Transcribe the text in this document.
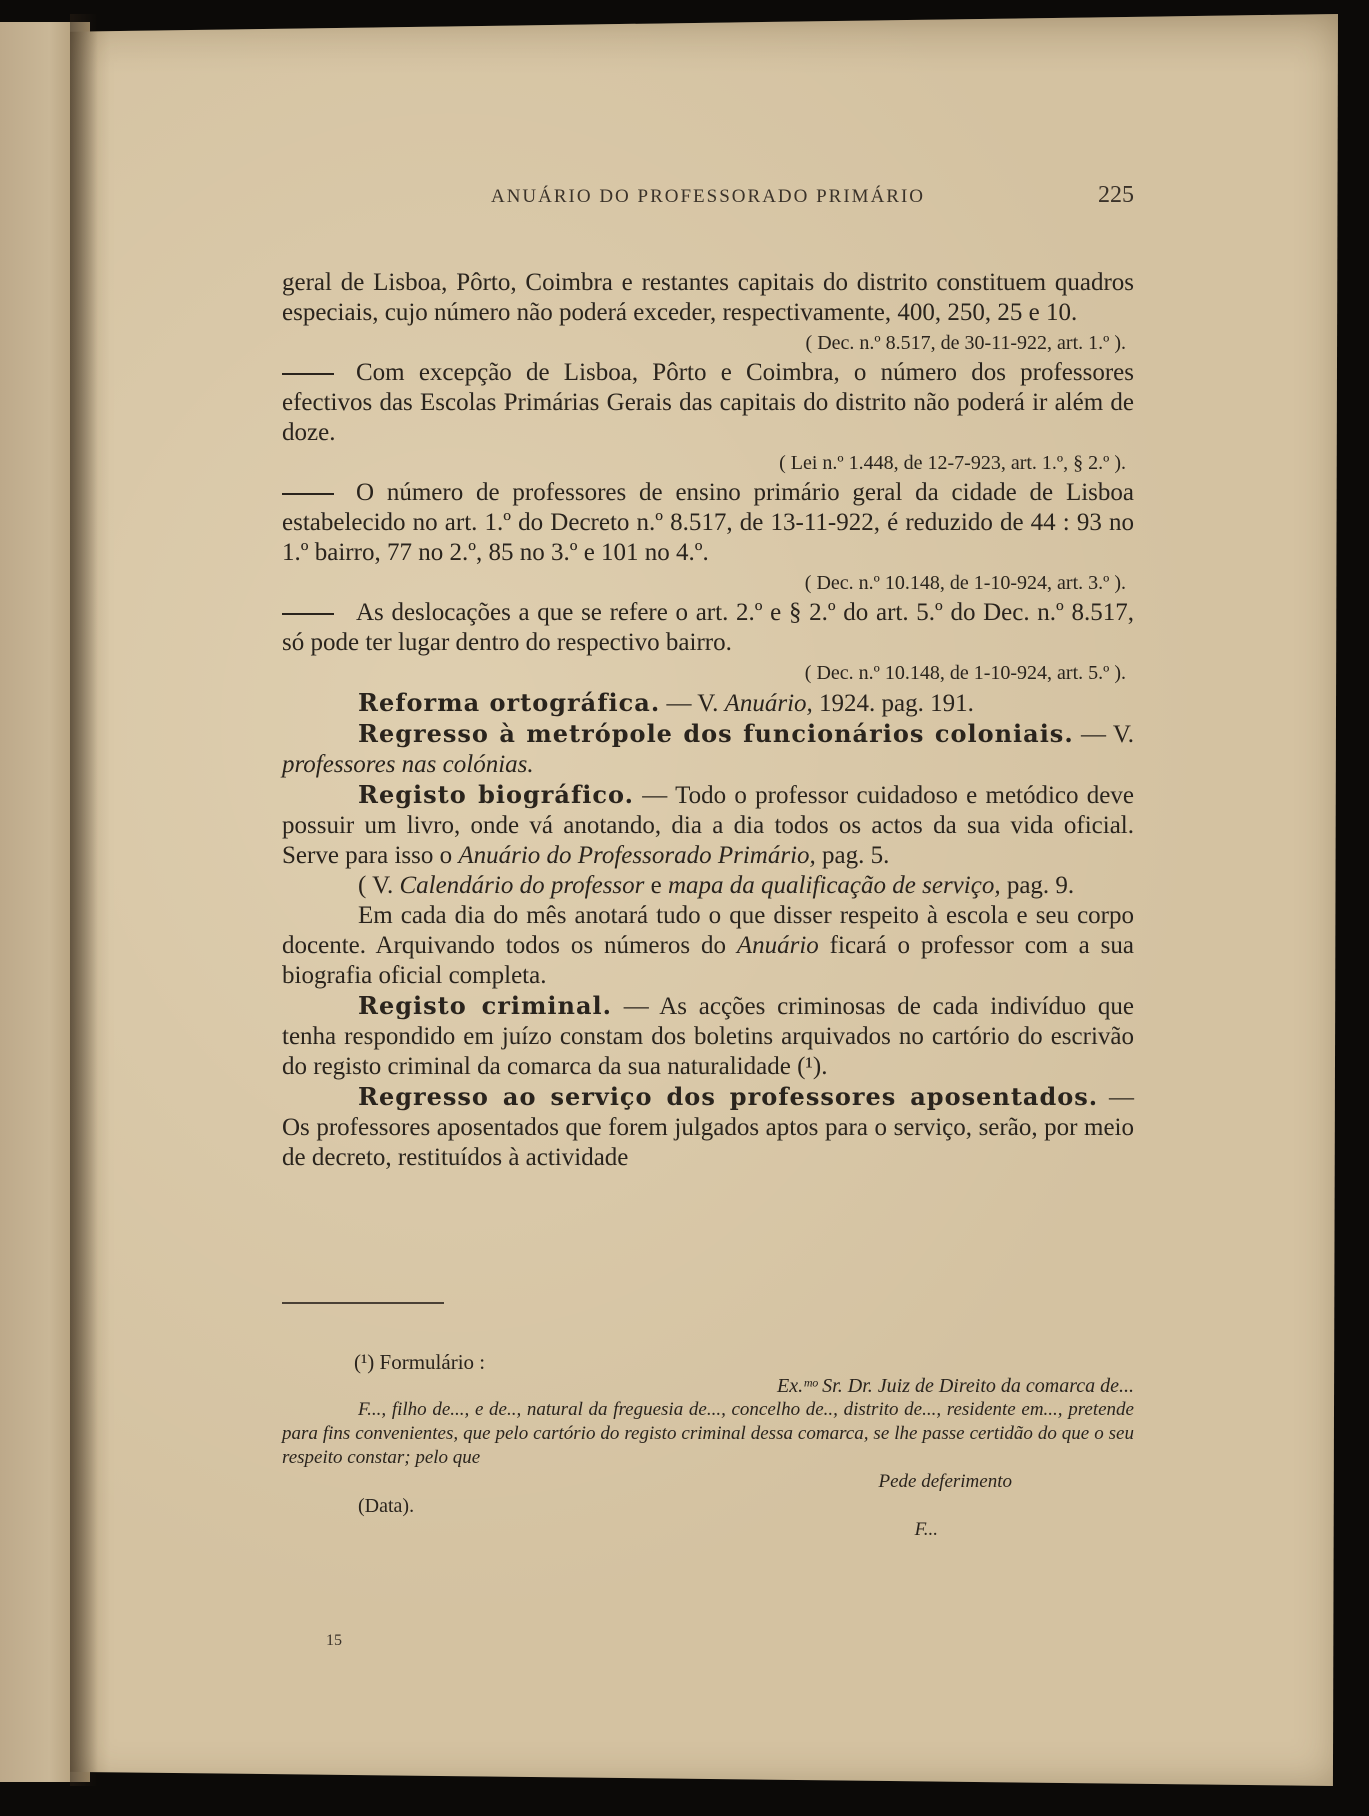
ANUÁRIO DO PROFESSORADO PRIMÁRIO	225

geral de Lisboa, Pôrto, Coimbra e restantes capitais do distrito constituem quadros especiais, cujo número não poderá exceder, respectivamente, 400, 250, 25 e 10.

( Dec. n.º 8.517, de 30-11-922, art. 1.º ).

Com excepção de Lisboa, Pôrto e Coimbra, o número dos professores efectivos das Escolas Primárias Gerais das capitais do distrito não poderá ir além de doze.

( Lei n.º 1.448, de 12-7-923, art. 1.º, § 2.º ).

O número de professores de ensino primário geral da cidade de Lisboa estabelecido no art. 1.º do Decreto n.º 8.517, de 13-11-922, é reduzido de 44 : 93 no 1.º bairro, 77 no 2.º, 85 no 3.º e 101 no 4.º.

( Dec. n.º 10.148, de 1-10-924, art. 3.º ).

As deslocações a que se refere o art. 2.º e § 2.º do art. 5.º do Dec. n.º 8.517, só pode ter lugar dentro do respectivo bairro.

( Dec. n.º 10.148, de 1-10-924, art. 5.º ).

Reforma ortográfica. — V. Anuário, 1924. pag. 191.

Regresso à metrópole dos funcionários coloniais. — V. professores nas colónias.

Registo biográfico. — Todo o professor cuidadoso e metódico deve possuir um livro, onde vá anotando, dia a dia todos os actos da sua vida oficial. Serve para isso o Anuário do Professorado Primário, pag. 5.

( V. Calendário do professor e mapa da qualificação de serviço, pag. 9.

Em cada dia do mês anotará tudo o que disser respeito à escola e seu corpo docente. Arquivando todos os números do Anuário ficará o professor com a sua biografia oficial completa.

Registo criminal. — As acções criminosas de cada indivíduo que tenha respondido em juízo constam dos boletins arquivados no cartório do escrivão do registo criminal da comarca da sua naturalidade (¹).

Regresso ao serviço dos professores aposentados. — Os professores aposentados que forem julgados aptos para o serviço, serão, por meio de decreto, restituídos à actividade

(¹) Formulário :

Ex.ᵐᵒ Sr. Dr. Juiz de Direito da comarca de...

F..., filho de..., e de.., natural da freguesia de..., concelho de.., distrito de..., residente em..., pretende para fins convenientes, que pelo cartório do registo criminal dessa comarca, se lhe passe certidão do que o seu respeito constar; pelo que

Pede deferimento

(Data).

F...

15
